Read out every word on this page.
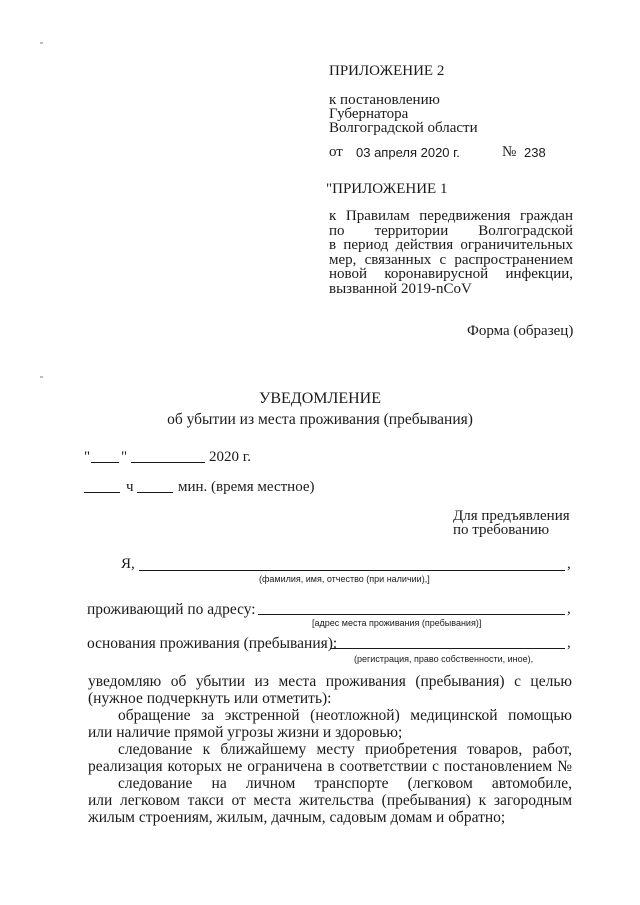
ПРИЛОЖЕНИЕ 2
к постановлению
Губернатора
Волгоградской области
от 03 апреля 2020 г.	№ 238
"ПРИЛОЖЕНИЕ 1
к Правилам передвижения граждан
по территории Волгоградской
в период действия ограничительных
мер, связанных с распространением
новой коронавирусной инфекции,
вызванной 2019-nCoV
Форма (образец)
УВЕДОМЛЕНИЕ
об убытии из места проживания (пребывания)
" "	2020 г.
ч	мин. (время местное)
Для предъявления
по требованию
Я,	,
(фамилия, имя, отчество (при наличии),]
проживающий по адресу:	,
[адрес места проживания (пребывания)]
основания проживания (пребывания):	,
(регистрация, право собственности, иное),
уведомляю об убытии из места проживания (пребывания) с целью
(нужное подчеркнуть или отметить):
обращение за экстренной (неотложной) медицинской помощью
или наличие прямой угрозы жизни и здоровью;
следование к ближайшему месту приобретения товаров, работ,
реализация которых не ограничена в соответствии с постановлением №
следование на личном транспорте (легковом автомобиле,
или легковом такси от места жительства (пребывания) к загородным
жилым строениям, жилым, дачным, садовым домам и обратно;
